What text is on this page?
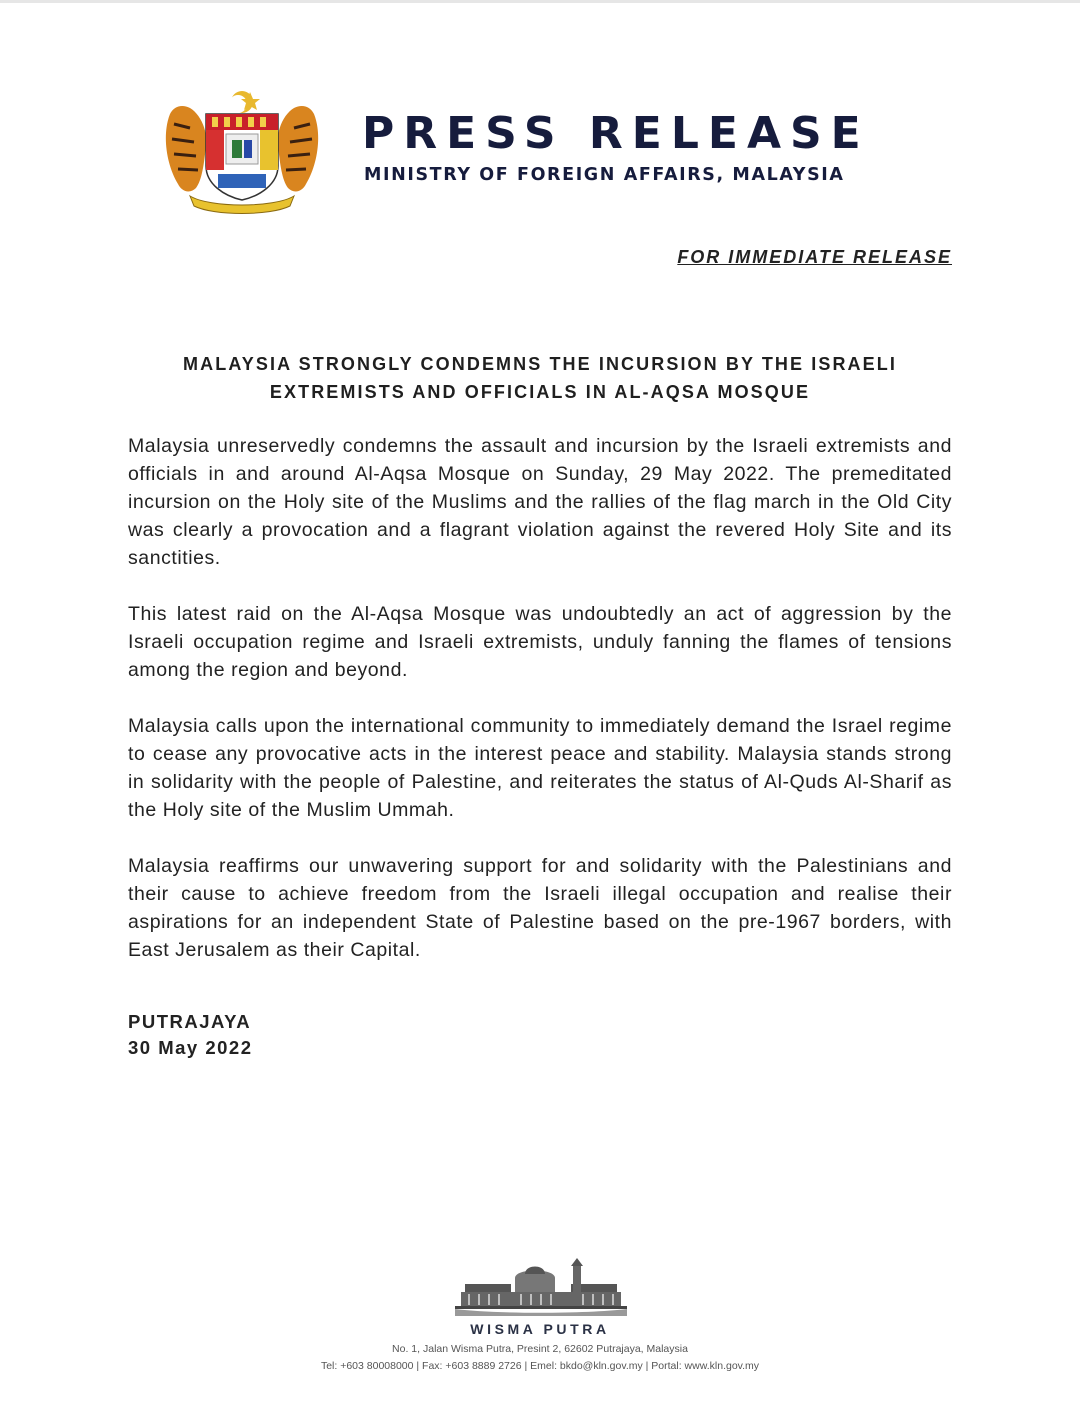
PRESS RELEASE
MINISTRY OF FOREIGN AFFAIRS, MALAYSIA
FOR IMMEDIATE RELEASE
MALAYSIA STRONGLY CONDEMNS THE INCURSION BY THE ISRAELI
EXTREMISTS AND OFFICIALS IN AL-AQSA MOSQUE

Malaysia unreservedly condemns the assault and incursion by the Israeli extremists and officials in and around Al-Aqsa Mosque on Sunday, 29 May 2022. The premeditated incursion on the Holy site of the Muslims and the rallies of the flag march in the Old City was clearly a provocation and a flagrant violation against the revered Holy Site and its sanctities.

This latest raid on the Al-Aqsa Mosque was undoubtedly an act of aggression by the Israeli occupation regime and Israeli extremists, unduly fanning the flames of tensions among the region and beyond.

Malaysia calls upon the international community to immediately demand the Israel regime to cease any provocative acts in the interest peace and stability. Malaysia stands strong in solidarity with the people of Palestine, and reiterates the status of Al-Quds Al-Sharif as the Holy site of the Muslim Ummah.

Malaysia reaffirms our unwavering support for and solidarity with the Palestinians and their cause to achieve freedom from the Israeli illegal occupation and realise their aspirations for an independent State of Palestine based on the pre-1967 borders, with East Jerusalem as their Capital.

PUTRAJAYA
30 May 2022
WISMA PUTRA
No. 1, Jalan Wisma Putra, Presint 2, 62602 Putrajaya, Malaysia
Tel: +603 80008000 | Fax: +603 8889 2726 | Emel: bkdo@kln.gov.my | Portal: www.kln.gov.my
